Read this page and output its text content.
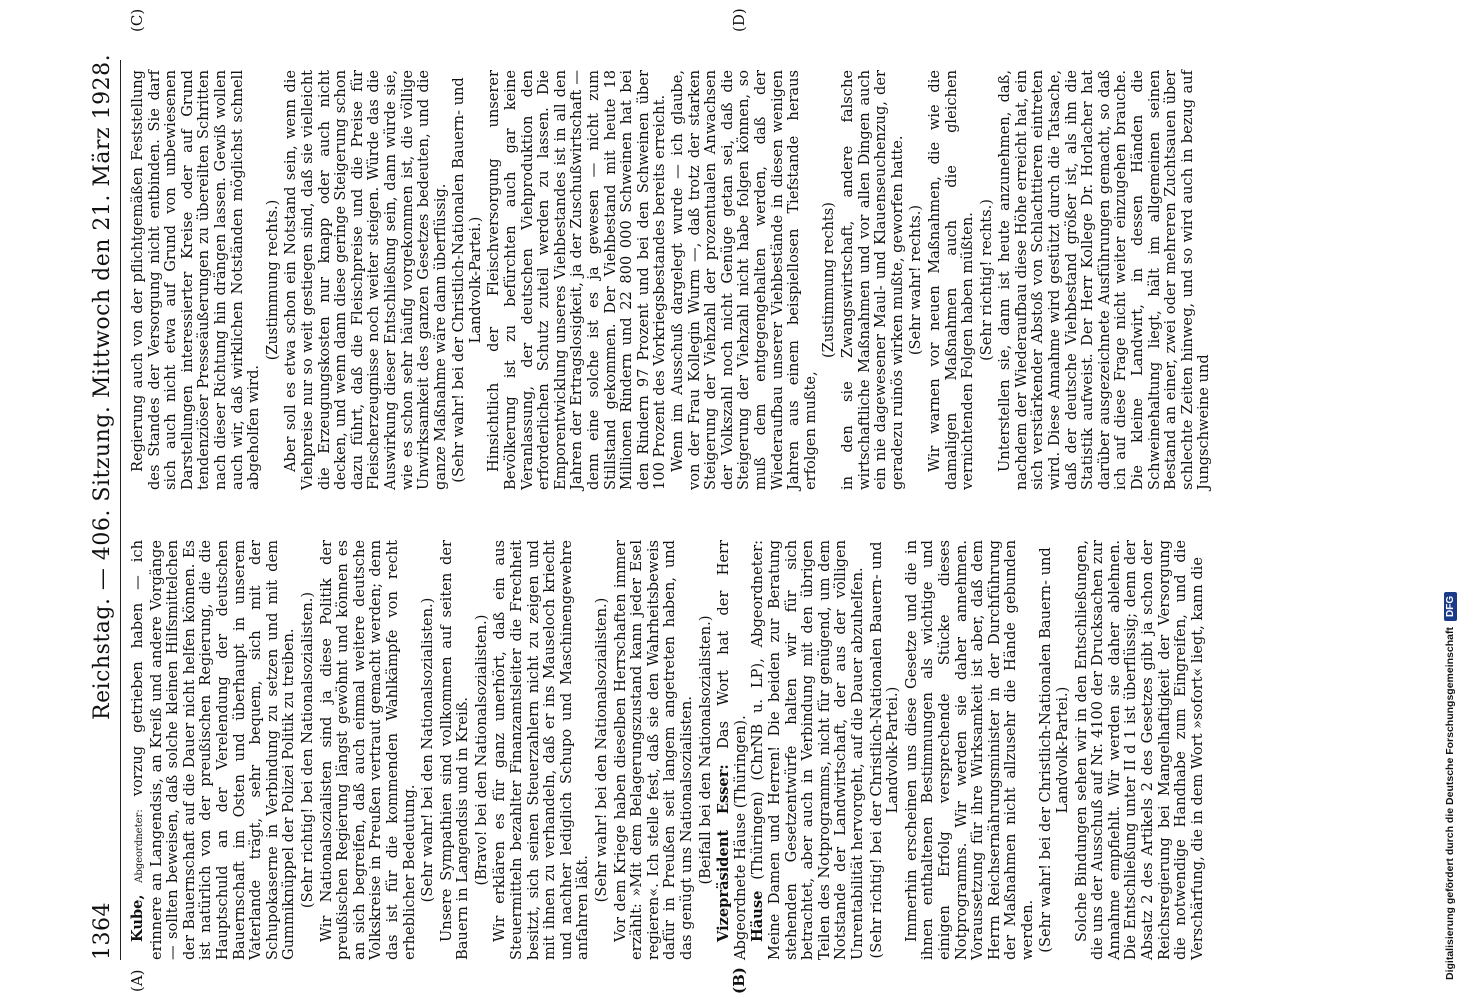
1364
Reichstag. — 406. Sitzung. Mittwoch den 21. März 1928.
(A)	(B)
(C)	(D)

Kube, Abgeordneter: vorzug getrieben haben — ich erinnere an Langendsis, an Kreiß und andere Vorgänge — sollten beweisen, daß solche kleinen Hilfsmittelchen der Bauernschaft auf die Dauer nicht helfen können. Es ist natürlich von der preußischen Regierung, die die Hauptschuld an der Verelendung der deutschen Bauernschaft im Osten und überhaupt in unserem Vaterlande trägt, sehr bequem, sich mit der Schupokaserne in Verbindung zu setzen und mit dem Gummiknüppel der Polizei Politik zu treiben. (Sehr richtig! bei den Nationalsozialisten.) Wir Nationalsozialisten sind ja diese Politik der preußischen Regierung längst gewöhnt und können es an sich begreifen, daß auch einmal weitere deutsche Volkskreise in Preußen vertraut gemacht werden; denn das ist für die kommenden Wahlkämpfe von recht erheblicher Bedeutung. (Sehr wahr! bei den Nationalsozialisten.) Unsere Sympathien sind vollkommen auf seiten der Bauern in Langendsis und in Kreiß. (Bravo! bei den Nationalsozialisten.) Wir erklären es für ganz unerhört, daß ein aus Steuermitteln bezahlter Finanzamtsleiter die Frechheit besitzt, sich seinen Steuerzahlern nicht zu zeigen und mit ihnen zu verhandeln, daß er ins Mauseloch kriecht und nachher lediglich Schupo und Maschinengewehre anfahren läßt.

(Sehr wahr! bei den Nationalsozialisten.) Vor dem Kriege haben dieselben Herrschaften immer erzählt: »Mit dem Belagerungszustand kann jeder Esel regieren«. Ich stelle fest, daß sie den Wahrheitsbeweis dafür in Preußen seit langem angetreten haben, und das genügt uns Nationalsozialisten. (Beifall bei den Nationalsozialisten.) Vizepräsident Esser: Das Wort hat der Herr Abgeordnete Häuse (Thüringen). Häuse (Thüringen) (ChrNB u. LP), Abgeordneter: Meine Damen und Herren! Die beiden zur Beratung stehenden Gesetzentwürfe halten wir für sich betrachtet, aber auch in Verbindung mit den übrigen Teilen des Notprogramms, nicht für genügend, um dem Notstande der Landwirtschaft, der aus der völligen Unrentabilität hervorgeht, auf die Dauer abzuhelfen. (Sehr richtig! bei der Christlich-Nationalen Bauern- und Landvolk-Partei.) Immerhin erscheinen uns diese Gesetze und die in ihnen enthaltenen Bestimmungen als wichtige und einigen Erfolg versprechende Stücke dieses Notprogramms. Wir werden sie daher annehmen. Voraussetzung für ihre Wirksamkeit ist aber, daß dem Herrn Reichsernährungsminister in der Durchführung der Maßnahmen nicht allzusehr die Hände gebunden werden. (Sehr wahr! bei der Christlich-Nationalen Bauern- und Landvolk-Partei.) Solche Bindungen sehen wir in den Entschließungen, die uns der Ausschuß auf Nr. 4100 der Drucksachen zur Annahme empfiehlt. Wir werden sie daher ablehnen. Die Entschließung unter II d 1 ist überflüssig; denn der Absatz 2 des Artikels 2 des Gesetzes gibt ja schon der Reichsregierung bei Mangelhaftigkeit der Versorgung die notwendige Handhabe zum Eingreifen, und die Verschärfung, die in dem Wort »sofort« liegt, kann die

Regierung auch von der pflichtgemäßen Feststellung des Standes der Versorgung nicht entbinden. Sie darf sich auch nicht etwa auf Grund von unbewiesenen Darstellungen interessierter Kreise oder auf Grund tendenziöser Presseäußerungen zu übereilten Schritten nach dieser Richtung hin drängen lassen. Gewiß wollen auch wir, daß wirklichen Notständen möglichst schnell abgeholfen wird.

(Zustimmung rechts.) Aber soll es etwa schon ein Notstand sein, wenn die Viehpreise nur so weit gestiegen sind, daß sie vielleicht die Erzeugungskosten nur knapp oder auch nicht decken, und wenn dann diese geringe Steigerung schon dazu führt, daß die Fleischpreise und die Preise für Fleischerzeugnisse noch weiter steigen. Würde das die Auswirkung dieser Entschließung sein, dann würde sie, wie es schon sehr häufig vorgekommen ist, die völlige Unwirksamkeit des ganzen Gesetzes bedeuten, und die ganze Maßnahme wäre dann überflüssig. (Sehr wahr! bei der Christlich-Nationalen Bauern- und Landvolk-Partei.) Hinsichtlich der Fleischversorgung unserer Bevölkerung ist zu befürchten auch gar keine Veranlassung, der deutschen Viehproduktion den erforderlichen Schutz zuteil werden zu lassen. Die Emporentwicklung unseres Viehbestandes ist in all den Jahren der Ertragslosigkeit, ja der Zuschußwirtschaft — denn eine solche ist es ja gewesen — nicht zum Stillstand gekommen. Der Viehbestand mit heute 18 Millionen Rindern und 22 800 000 Schweinen hat bei den Rindern 97 Prozent und bei den Schweinen über 100 Prozent des Vorkriegsbestandes bereits erreicht. Wenn im Ausschuß dargelegt wurde — ich glaube, von der Frau Kollegin Wurm —, daß trotz der starken Steigerung der Viehzahl der prozentualen Anwachsen der Volkszahl noch nicht Genüge getan sei, daß die Steigerung der Viehzahl nicht habe folgen können, so muß dem entgegengehalten werden, daß der Wiederaufbau unserer Viehbestände in diesen wenigen Jahren aus einem beispiellosen Tiefstande heraus erfolgen mußte,

(Zustimmung rechts) in den sie Zwangswirtschaft, andere falsche wirtschaftliche Maßnahmen und vor allen Dingen auch ein nie dagewesener Maul- und Klauenseuchenzug, der geradezu ruinös wirken mußte, geworfen hatte. (Sehr wahr! rechts.) Wir warnen vor neuen Maßnahmen, die wie die damaligen Maßnahmen auch die gleichen vernichtenden Folgen haben müßten. (Sehr richtig! rechts.) Unterstellen sie, dann ist heute anzunehmen, daß, nachdem der Wiederaufbau diese Höhe erreicht hat, ein sich verstärkender Abstoß von Schlachttieren eintreten wird. Diese Annahme wird gestützt durch die Tatsache, daß der deutsche Viehbestand größer ist, als ihn die Statistik aufweist. Der Herr Kollege Dr. Horlacher hat darüber ausgezeichnete Ausführungen gemacht, so daß ich auf diese Frage nicht weiter einzugehen brauche. Die kleine Landwirt, in dessen Händen die Schweinehaltung liegt, hält im allgemeinen seinen Bestand an einer, zwei oder mehreren Zuchtsauen über schlechte Zeiten hinweg, und so wird auch in bezug auf Jungschweine und

Digitalisierung gefördert durch die Deutsche Forschungsgemeinschaft
DFG
